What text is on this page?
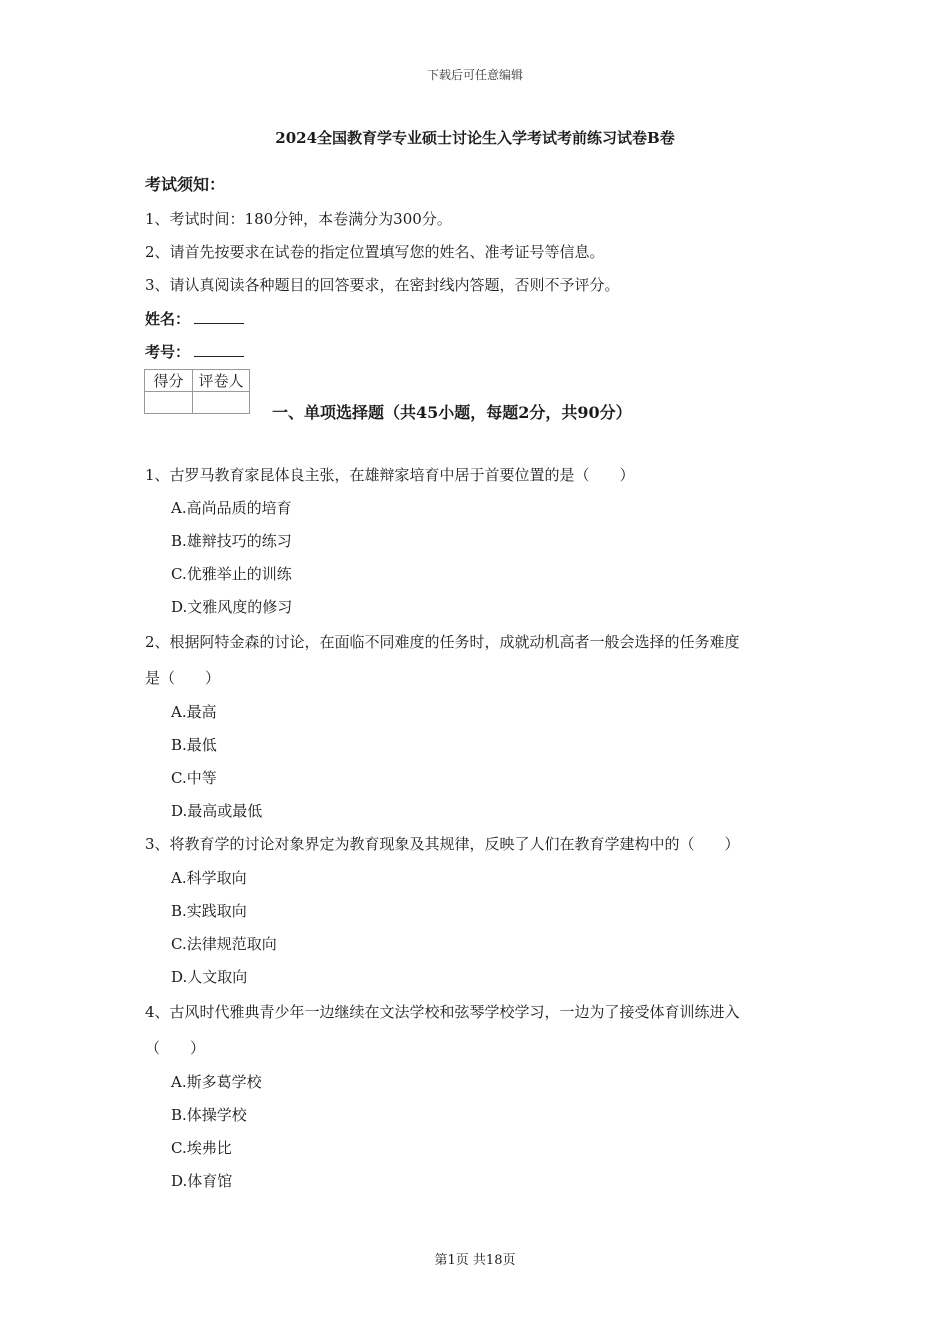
下载后可任意编辑
2024全国教育学专业硕士讨论生入学考试考前练习试卷B卷
考试须知：
1、考试时间：180分钟，本卷满分为300分。
2、请首先按要求在试卷的指定位置填写您的姓名、准考证号等信息。
3、请认真阅读各种题目的回答要求，在密封线内答题，否则不予评分。
姓名：
考号：
得分	评卷人

一、单项选择题（共45小题，每题2分，共90分）
1、古罗马教育家昆体良主张，在雄辩家培育中居于首要位置的是（　　）
A.高尚品质的培育
B.雄辩技巧的练习
C.优雅举止的训练
D.文雅风度的修习
2、根据阿特金森的讨论，在面临不同难度的任务时，成就动机高者一般会选择的任务难度
是（　　）
A.最高
B.最低
C.中等
D.最高或最低
3、将教育学的讨论对象界定为教育现象及其规律，反映了人们在教育学建构中的（　　）
A.科学取向
B.实践取向
C.法律规范取向
D.人文取向
4、古风时代雅典青少年一边继续在文法学校和弦琴学校学习，一边为了接受体育训练进入
（　　）
A.斯多葛学校
B.体操学校
C.埃弗比
D.体育馆
第1页 共18页
